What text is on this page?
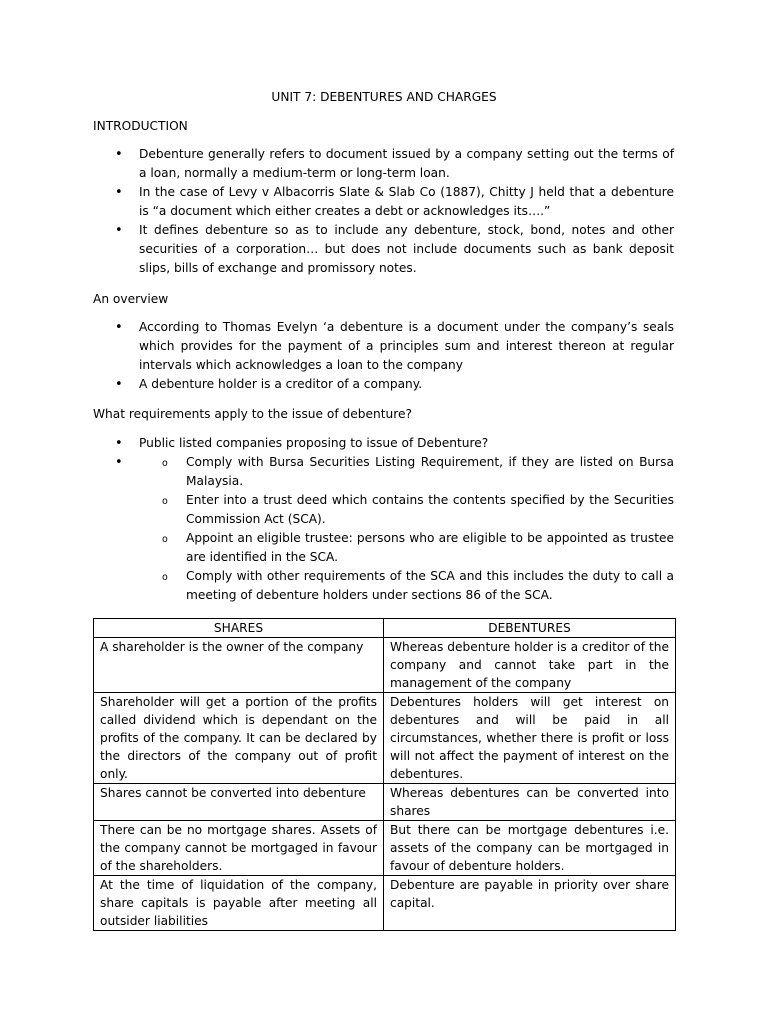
UNIT 7: DEBENTURES AND CHARGES
INTRODUCTION
• Debenture generally refers to document issued by a company setting out the terms of a loan, normally a medium-term or long-term loan.
• In the case of Levy v Albacorris Slate & Slab Co (1887), Chitty J held that a debenture is “a document which either creates a debt or acknowledges its….”
• It defines debenture so as to include any debenture, stock, bond, notes and other securities of a corporation… but does not include documents such as bank deposit slips, bills of exchange and promissory notes.
An overview
• According to Thomas Evelyn ‘a debenture is a document under the company’s seals which provides for the payment of a principles sum and interest thereon at regular intervals which acknowledges a loan to the company
• A debenture holder is a creditor of a company.
What requirements apply to the issue of debenture?
• Public listed companies proposing to issue of Debenture?
o • Comply with Bursa Securities Listing Requirement, if they are listed on Bursa Malaysia.
o Enter into a trust deed which contains the contents specified by the Securities Commission Act (SCA).
o Appoint an eligible trustee: persons who are eligible to be appointed as trustee are identified in the SCA.
o Comply with other requirements of the SCA and this includes the duty to call a meeting of debenture holders under sections 86 of the SCA.
SHARES	DEBENTURES
A shareholder is the owner of the company	Whereas debenture holder is a creditor of the company and cannot take part in the management of the company
Shareholder will get a portion of the profits called dividend which is dependant on the profits of the company. It can be declared by the directors of the company out of profit only.	Debentures holders will get interest on debentures and will be paid in all circumstances, whether there is profit or loss will not affect the payment of interest on the debentures.
Shares cannot be converted into debenture	Whereas debentures can be converted into shares
There can be no mortgage shares. Assets of the company cannot be mortgaged in favour of the shareholders.	But there can be mortgage debentures i.e. assets of the company can be mortgaged in favour of debenture holders.
At the time of liquidation of the company, share capitals is payable after meeting all outsider liabilities	Debenture are payable in priority over share capital.
